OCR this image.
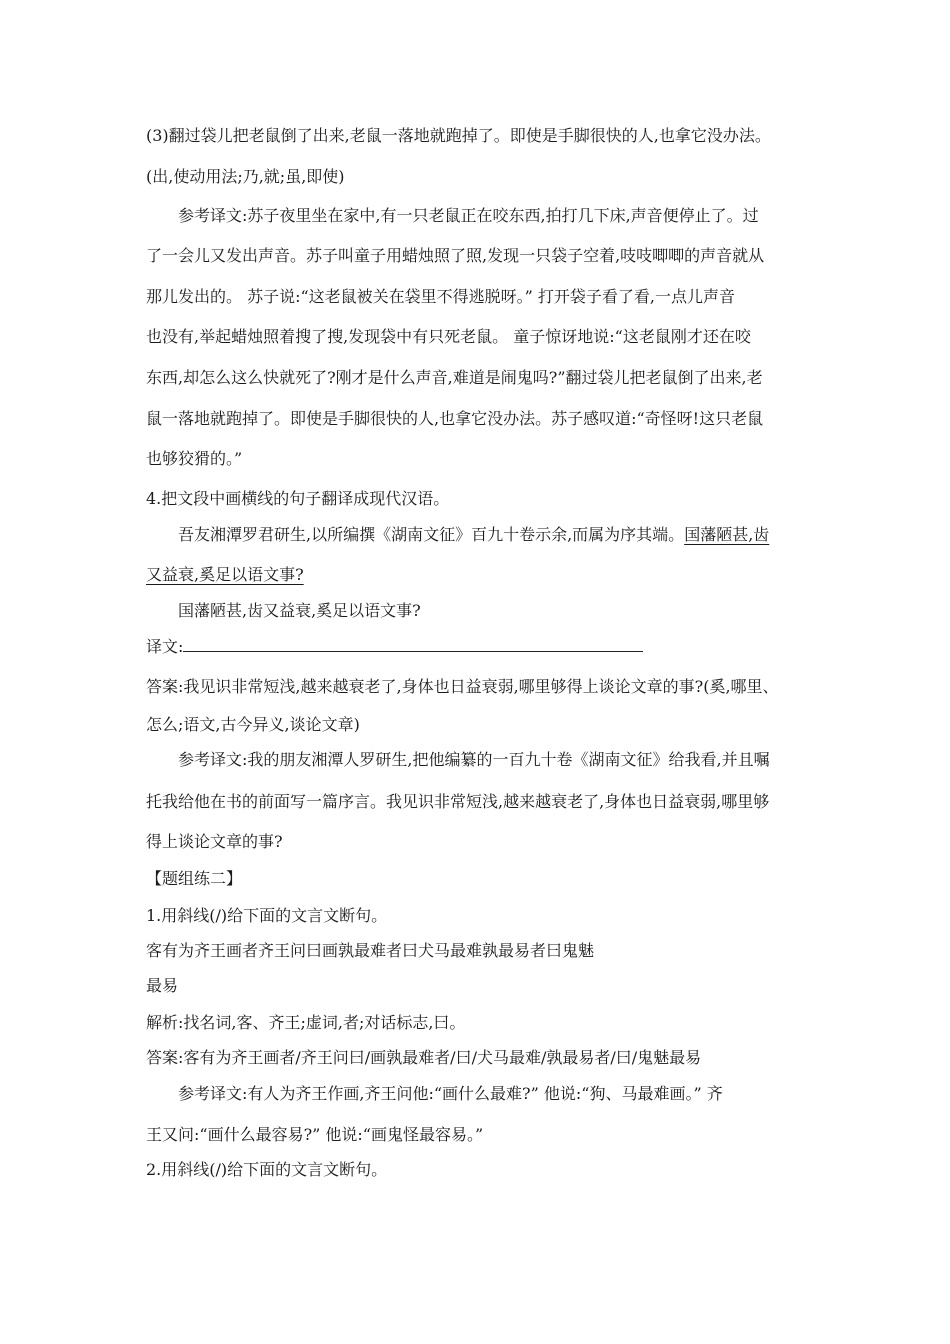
(3)翻过袋儿把老鼠倒了出来,老鼠一落地就跑掉了。即使是手脚很快的人,也拿它没办法。
(出,使动用法;乃,就;虽,即使)
参考译文:苏子夜里坐在家中,有一只老鼠正在咬东西,拍打几下床,声音便停止了。过
了一会儿又发出声音。苏子叫童子用蜡烛照了照,发现一只袋子空着,吱吱唧唧的声音就从
那儿发出的。 苏子说:“这老鼠被关在袋里不得逃脱呀。” 打开袋子看了看,一点儿声音
也没有,举起蜡烛照着搜了搜,发现袋中有只死老鼠。 童子惊讶地说:“这老鼠刚才还在咬
东西,却怎么这么快就死了?刚才是什么声音,难道是闹鬼吗?”翻过袋儿把老鼠倒了出来,老
鼠一落地就跑掉了。即使是手脚很快的人,也拿它没办法。苏子感叹道:“奇怪呀!这只老鼠
也够狡猾的。”
4.把文段中画横线的句子翻译成现代汉语。
吾友湘潭罗君研生,以所编撰《湖南文征》百九十卷示余,而属为序其端。国藩陋甚,齿
又益衰,奚足以语文事?
国藩陋甚,齿又益衰,奚足以语文事?
译文:
答案:我见识非常短浅,越来越衰老了,身体也日益衰弱,哪里够得上谈论文章的事?(奚,哪里、
怎么;语文,古今异义,谈论文章)
参考译文:我的朋友湘潭人罗研生,把他编纂的一百九十卷《湖南文征》给我看,并且嘱
托我给他在书的前面写一篇序言。我见识非常短浅,越来越衰老了,身体也日益衰弱,哪里够
得上谈论文章的事?
【题组练二】
1.用斜线(/)给下面的文言文断句。
客有为齐王画者齐王问曰画孰最难者曰犬马最难孰最易者曰鬼魅
最易
解析:找名词,客、齐王;虚词,者;对话标志,曰。
答案:客有为齐王画者/齐王问曰/画孰最难者/曰/犬马最难/孰最易者/曰/鬼魅最易
参考译文:有人为齐王作画,齐王问他:“画什么最难?” 他说:“狗、马最难画。” 齐
王又问:“画什么最容易?” 他说:“画鬼怪最容易。”
2.用斜线(/)给下面的文言文断句。
